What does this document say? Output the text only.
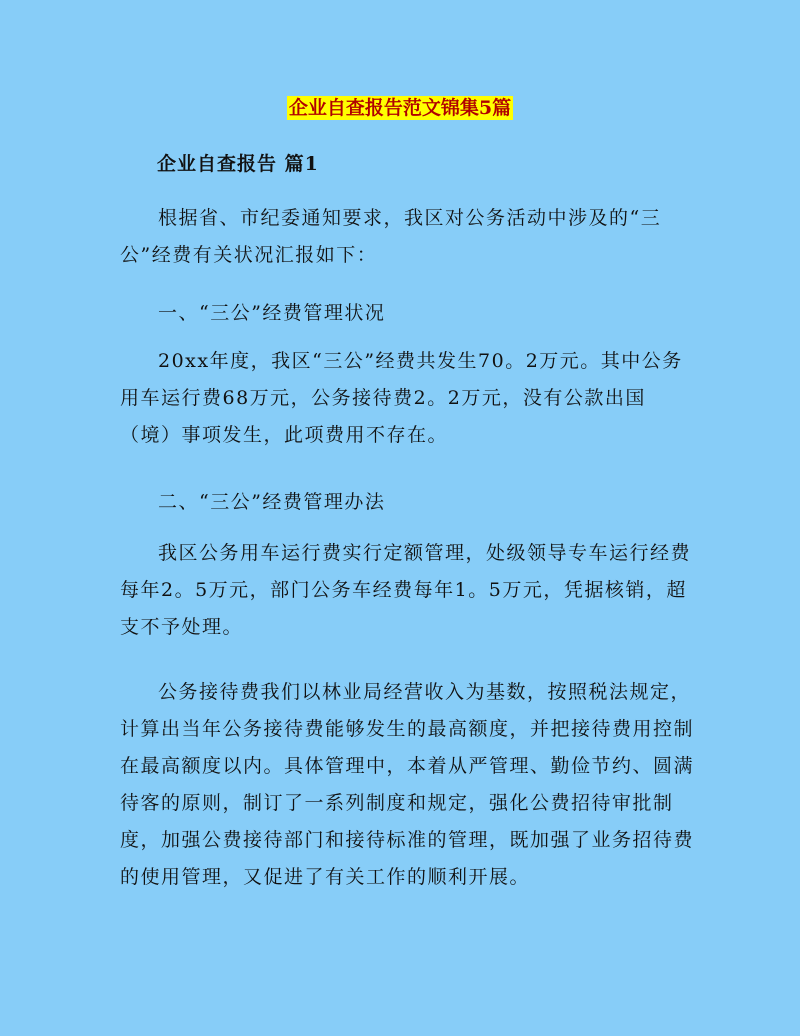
企业自查报告范文锦集5篇
企业自查报告 篇1

根据省、市纪委通知要求，我区对公务活动中涉及的“三公”经费有关状况汇报如下：

一、“三公”经费管理状况

20xx年度，我区“三公”经费共发生70。2万元。其中公务用车运行费68万元，公务接待费2。2万元，没有公款出国（境）事项发生，此项费用不存在。

二、“三公”经费管理办法

我区公务用车运行费实行定额管理，处级领导专车运行经费每年2。5万元，部门公务车经费每年1。5万元，凭据核销，超支不予处理。

公务接待费我们以林业局经营收入为基数，按照税法规定，计算出当年公务接待费能够发生的最高额度，并把接待费用控制在最高额度以内。具体管理中，本着从严管理、勤俭节约、圆满待客的原则，制订了一系列制度和规定，强化公费招待审批制度，加强公费接待部门和接待标准的管理，既加强了业务招待费的使用管理，又促进了有关工作的顺利开展。
